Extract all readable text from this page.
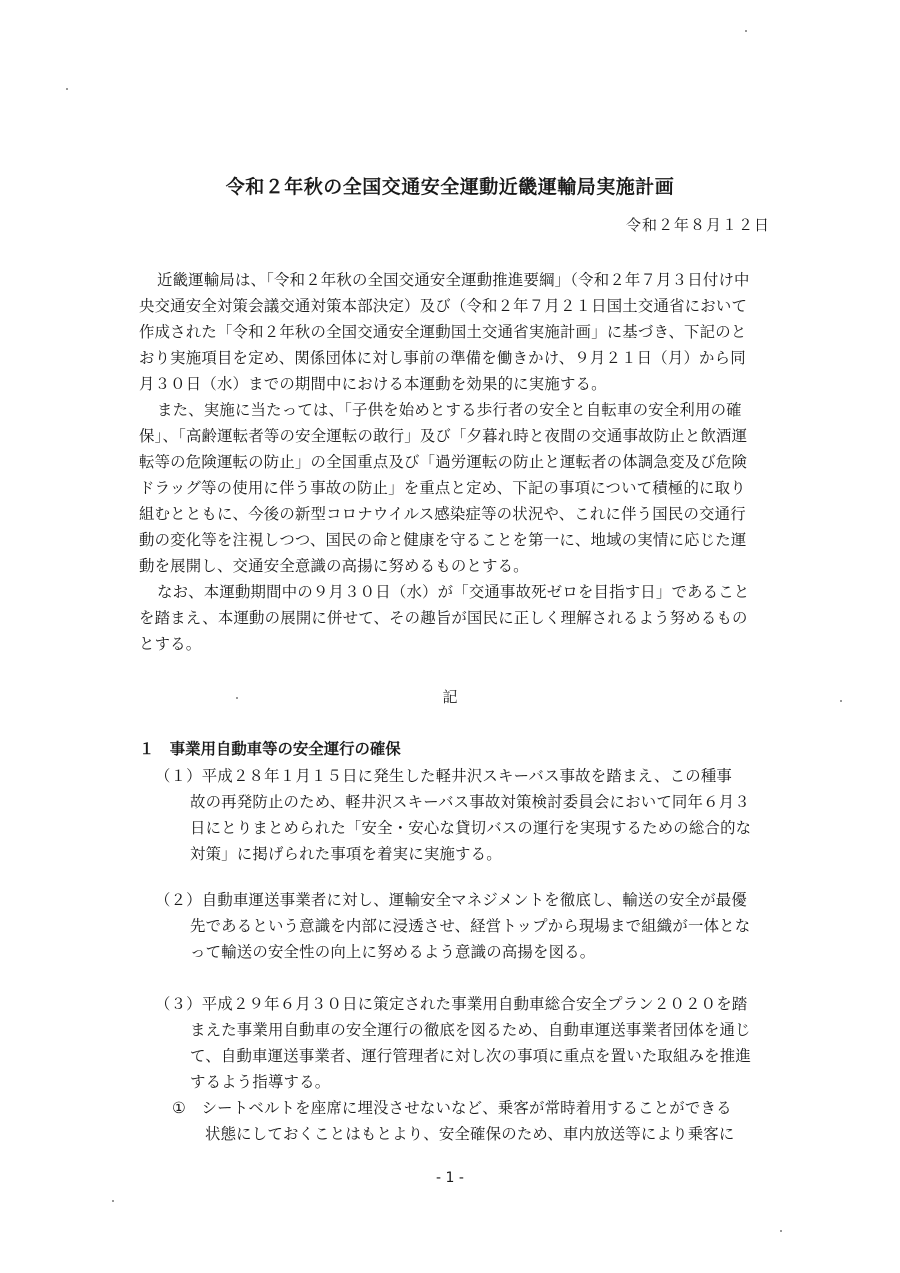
令和２年秋の全国交通安全運動近畿運輸局実施計画
令和２年８月１２日
近畿運輸局は、「令和２年秋の全国交通安全運動推進要綱」（令和２年７月３日付け中
央交通安全対策会議交通対策本部決定）及び（令和２年７月２１日国土交通省において
作成された「令和２年秋の全国交通安全運動国土交通省実施計画」に基づき、下記のと
おり実施項目を定め、関係団体に対し事前の準備を働きかけ、９月２１日（月）から同
月３０日（水）までの期間中における本運動を効果的に実施する。
また、実施に当たっては、「子供を始めとする歩行者の安全と自転車の安全利用の確
保」、「高齢運転者等の安全運転の敢行」及び「夕暮れ時と夜間の交通事故防止と飲酒運
転等の危険運転の防止」の全国重点及び「過労運転の防止と運転者の体調急変及び危険
ドラッグ等の使用に伴う事故の防止」を重点と定め、下記の事項について積極的に取り
組むとともに、今後の新型コロナウイルス感染症等の状況や、これに伴う国民の交通行
動の変化等を注視しつつ、国民の命と健康を守ることを第一に、地域の実情に応じた運
動を展開し、交通安全意識の高揚に努めるものとする。
なお、本運動期間中の９月３０日（水）が「交通事故死ゼロを目指す日」であること
を踏まえ、本運動の展開に併せて、その趣旨が国民に正しく理解されるよう努めるもの
とする。
（１）平成２８年１月１５日に発生した軽井沢スキーバス事故を踏まえ、この種事
故の再発防止のため、軽井沢スキーバス事故対策検討委員会において同年６月３
日にとりまとめられた「安全・安心な貸切バスの運行を実現するための総合的な
対策」に掲げられた事項を着実に実施する。
（２）自動車運送事業者に対し、運輸安全マネジメントを徹底し、輸送の安全が最優
先であるという意識を内部に浸透させ、経営トップから現場まで組織が一体とな
って輸送の安全性の向上に努めるよう意識の高揚を図る。
（３）平成２９年６月３０日に策定された事業用自動車総合安全プラン２０２０を踏
まえた事業用自動車の安全運行の徹底を図るため、自動車運送事業者団体を通じ
て、自動車運送事業者、運行管理者に対し次の事項に重点を置いた取組みを推進
するよう指導する。
①　シートベルトを座席に埋没させないなど、乗客が常時着用することができる
状態にしておくことはもとより、安全確保のため、車内放送等により乗客に
記
１　事業用自動車等の安全運行の確保
- 1 -
